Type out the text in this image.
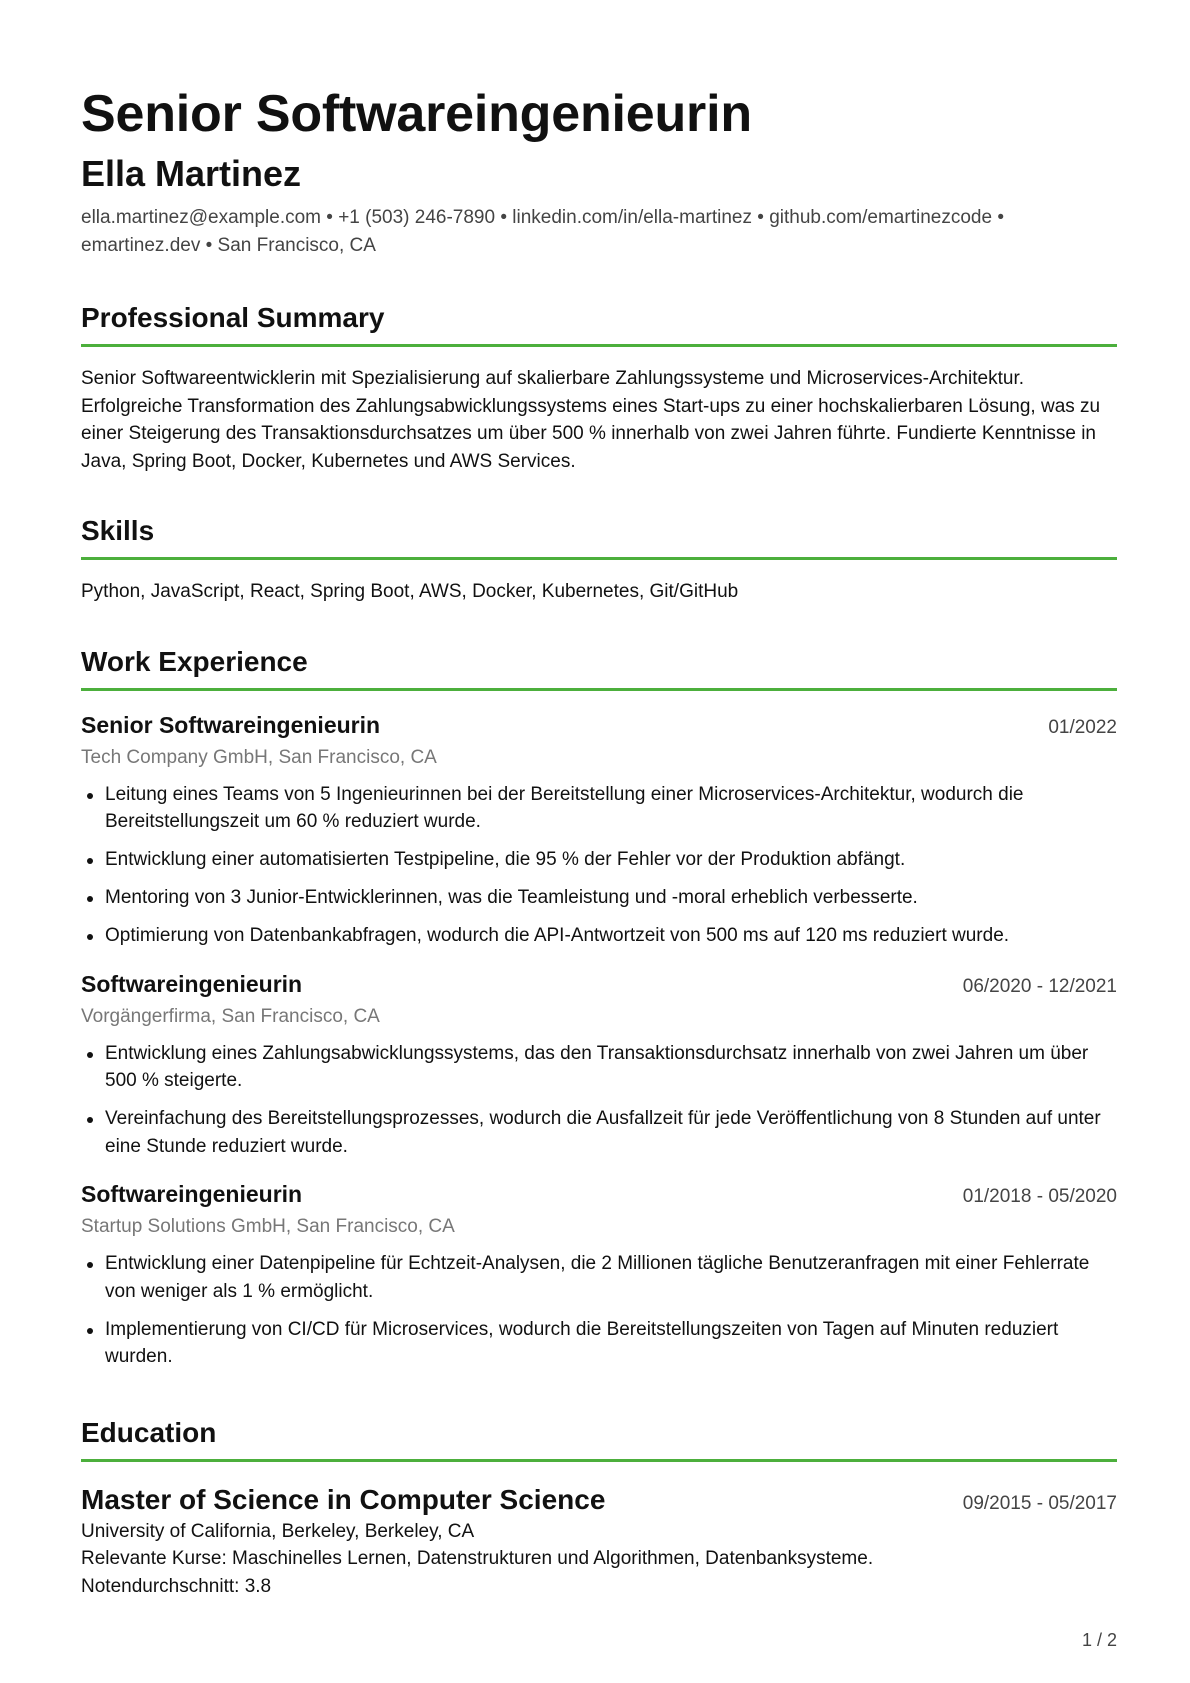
Senior Softwareingenieurin
Ella Martinez
ella.martinez@example.com • +1 (503) 246-7890 • linkedin.com/in/ella-martinez • github.com/emartinezcode •
emartinez.dev • San Francisco, CA
Professional Summary
Senior Softwareentwicklerin mit Spezialisierung auf skalierbare Zahlungssysteme und Microservices-Architektur. Erfolgreiche Transformation des Zahlungsabwicklungssystems eines Start-ups zu einer hochskalierbaren Lösung, was zu einer Steigerung des Transaktionsdurchsatzes um über 500 % innerhalb von zwei Jahren führte. Fundierte Kenntnisse in Java, Spring Boot, Docker, Kubernetes und AWS Services.
Skills
Python, JavaScript, React, Spring Boot, AWS, Docker, Kubernetes, Git/GitHub
Work Experience
Senior Softwareingenieurin	01/2022
Tech Company GmbH, San Francisco, CA
Leitung eines Teams von 5 Ingenieurinnen bei der Bereitstellung einer Microservices-Architektur, wodurch die Bereitstellungszeit um 60 % reduziert wurde.
Entwicklung einer automatisierten Testpipeline, die 95 % der Fehler vor der Produktion abfängt.
Mentoring von 3 Junior-Entwicklerinnen, was die Teamleistung und -moral erheblich verbesserte.
Optimierung von Datenbankabfragen, wodurch die API-Antwortzeit von 500 ms auf 120 ms reduziert wurde.
Softwareingenieurin	06/2020 - 12/2021
Vorgängerfirma, San Francisco, CA
Entwicklung eines Zahlungsabwicklungssystems, das den Transaktionsdurchsatz innerhalb von zwei Jahren um über 500 % steigerte.
Vereinfachung des Bereitstellungsprozesses, wodurch die Ausfallzeit für jede Veröffentlichung von 8 Stunden auf unter eine Stunde reduziert wurde.
Softwareingenieurin	01/2018 - 05/2020
Startup Solutions GmbH, San Francisco, CA
Entwicklung einer Datenpipeline für Echtzeit-Analysen, die 2 Millionen tägliche Benutzeranfragen mit einer Fehlerrate von weniger als 1 % ermöglicht.
Implementierung von CI/CD für Microservices, wodurch die Bereitstellungszeiten von Tagen auf Minuten reduziert wurden.
Education
Master of Science in Computer Science	09/2015 - 05/2017
University of California, Berkeley, Berkeley, CA
Relevante Kurse: Maschinelles Lernen, Datenstrukturen und Algorithmen, Datenbanksysteme.
Notendurchschnitt: 3.8
1 / 2
